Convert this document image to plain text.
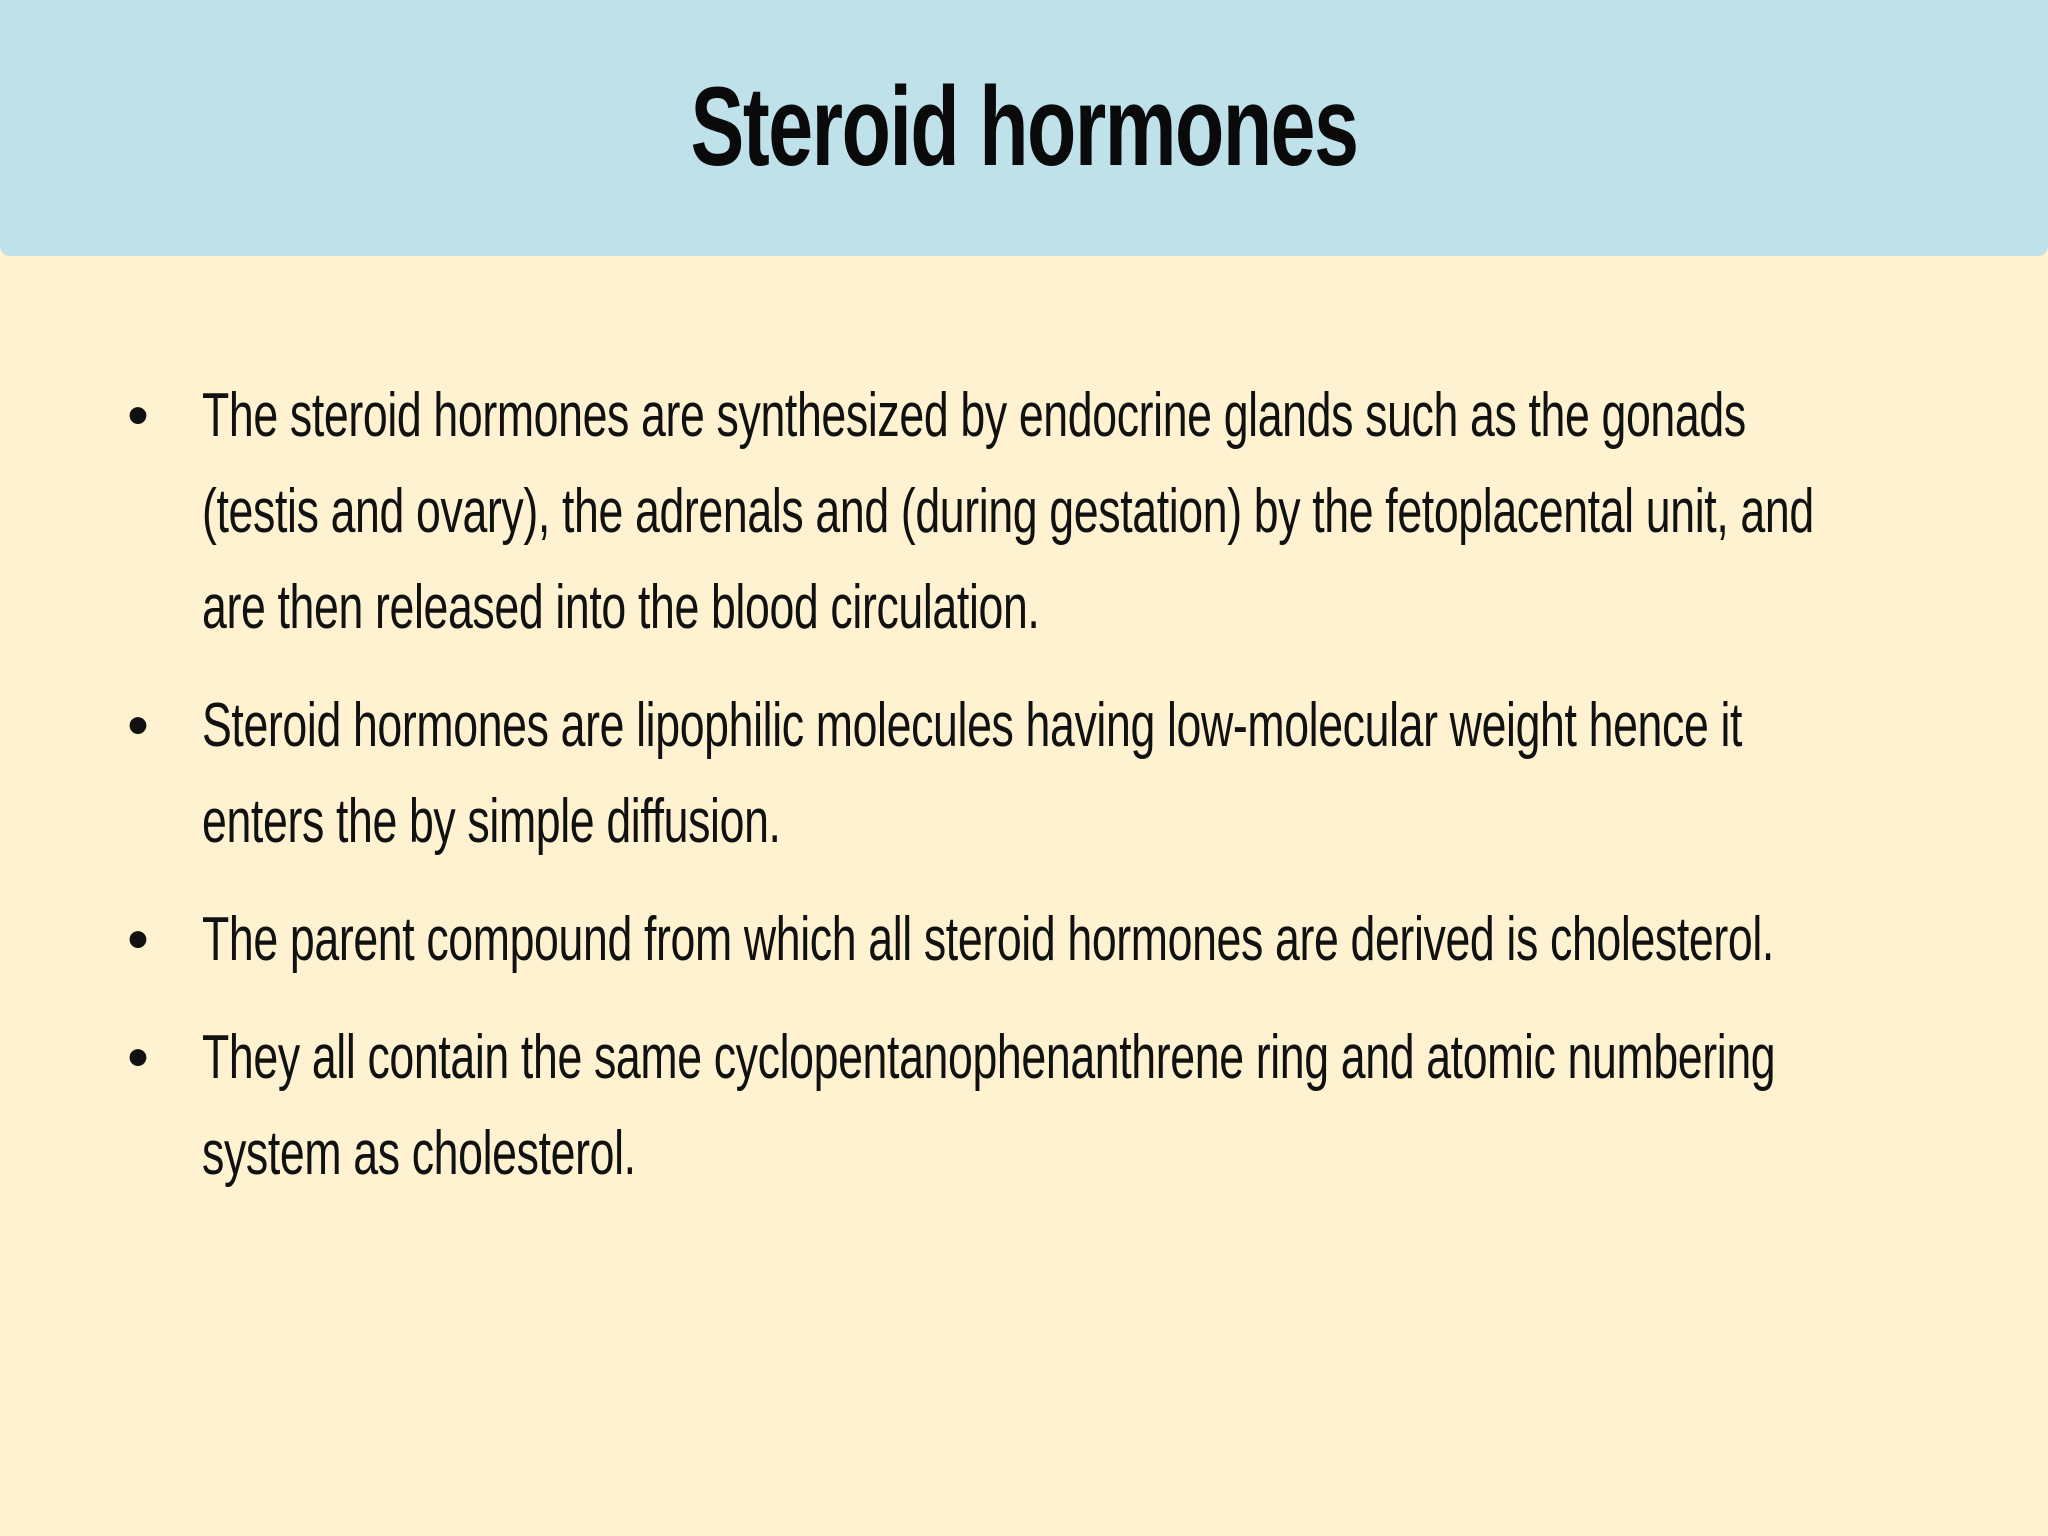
Steroid hormones
• The steroid hormones are synthesized by endocrine glands such as the gonads (testis and ovary), the adrenals and (during gestation) by the fetoplacental unit, and are then released into the blood circulation.
• Steroid hormones are lipophilic molecules having low-molecular weight hence it enters the by simple diffusion.
• The parent compound from which all steroid hormones are derived is cholesterol.
• They all contain the same cyclopentanophenanthrene ring and atomic numbering system as cholesterol.
